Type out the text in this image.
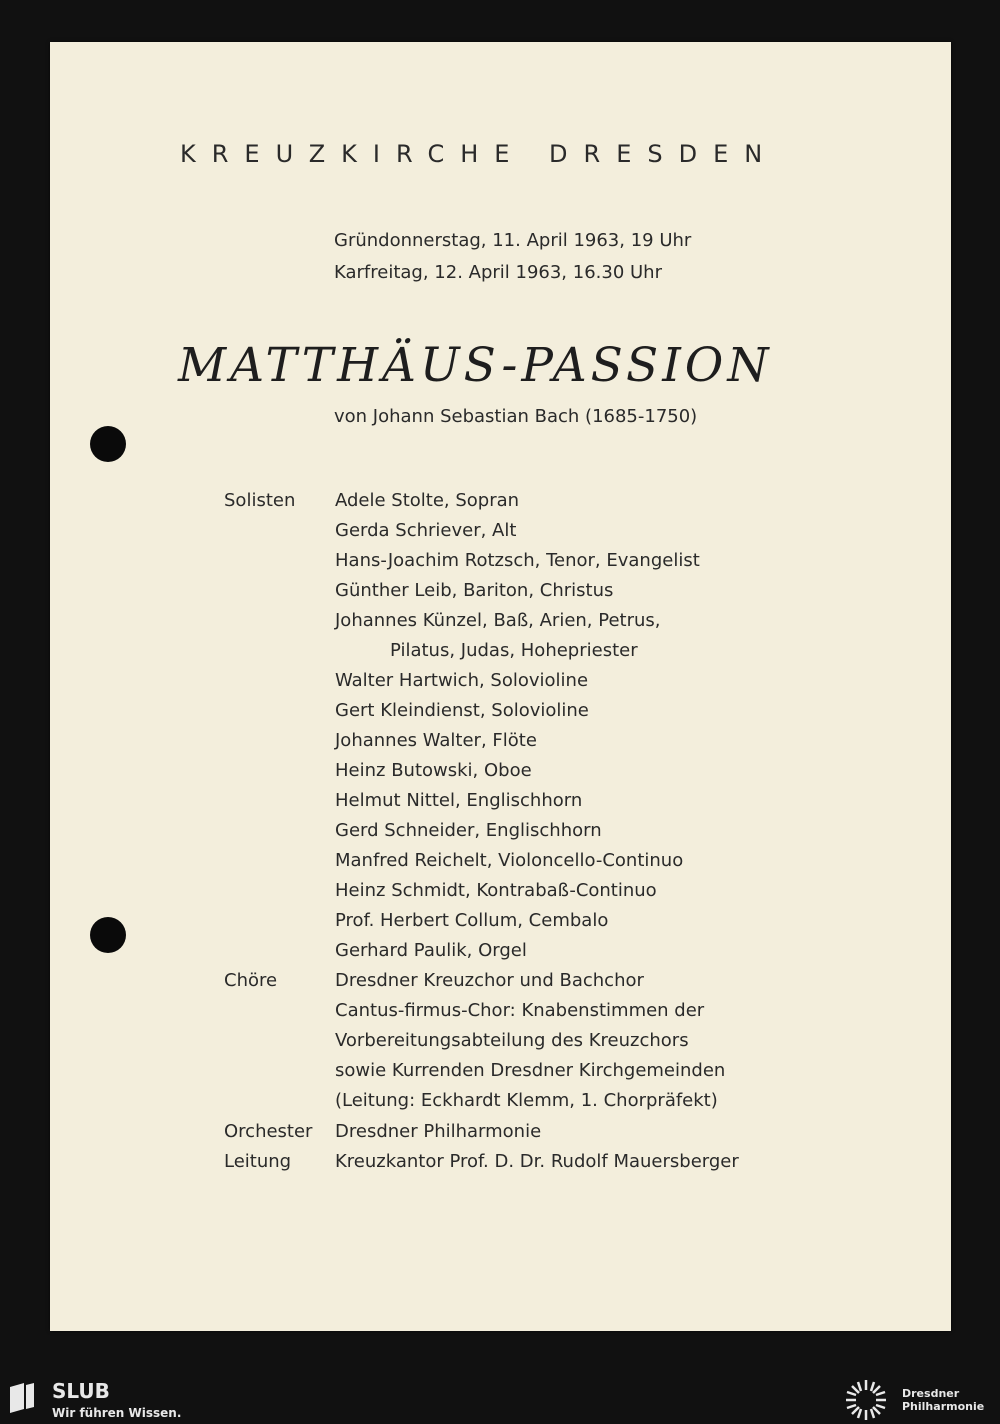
KREUZKIRCHE DRESDEN
Gründonnerstag, 11. April 1963, 19 Uhr
Karfreitag, 12. April 1963, 16.30 Uhr
MATTHÄUS-PASSION
von Johann Sebastian Bach (1685-1750)
Solisten Adele Stolte, Sopran
Gerda Schriever, Alt
Hans-Joachim Rotzsch, Tenor, Evangelist
Günther Leib, Bariton, Christus
Johannes Künzel, Baß, Arien, Petrus,
Pilatus, Judas, Hohepriester
Walter Hartwich, Solovioline
Gert Kleindienst, Solovioline
Johannes Walter, Flöte
Heinz Butowski, Oboe
Helmut Nittel, Englischhorn
Gerd Schneider, Englischhorn
Manfred Reichelt, Violoncello-Continuo
Heinz Schmidt, Kontrabaß-Continuo
Prof. Herbert Collum, Cembalo
Gerhard Paulik, Orgel
Chöre	Dresdner Kreuzchor und Bachchor
Cantus-firmus-Chor: Knabenstimmen der
Vorbereitungsabteilung des Kreuzchors
sowie Kurrenden Dresdner Kirchgemeinden
(Leitung: Eckhardt Klemm, 1. Chorpräfekt)
Orchester Dresdner Philharmonie
Leitung Kreuzkantor Prof. D. Dr. Rudolf Mauersberger
SLUB
Wir führen Wissen.
Dresdner
Philharmonie
